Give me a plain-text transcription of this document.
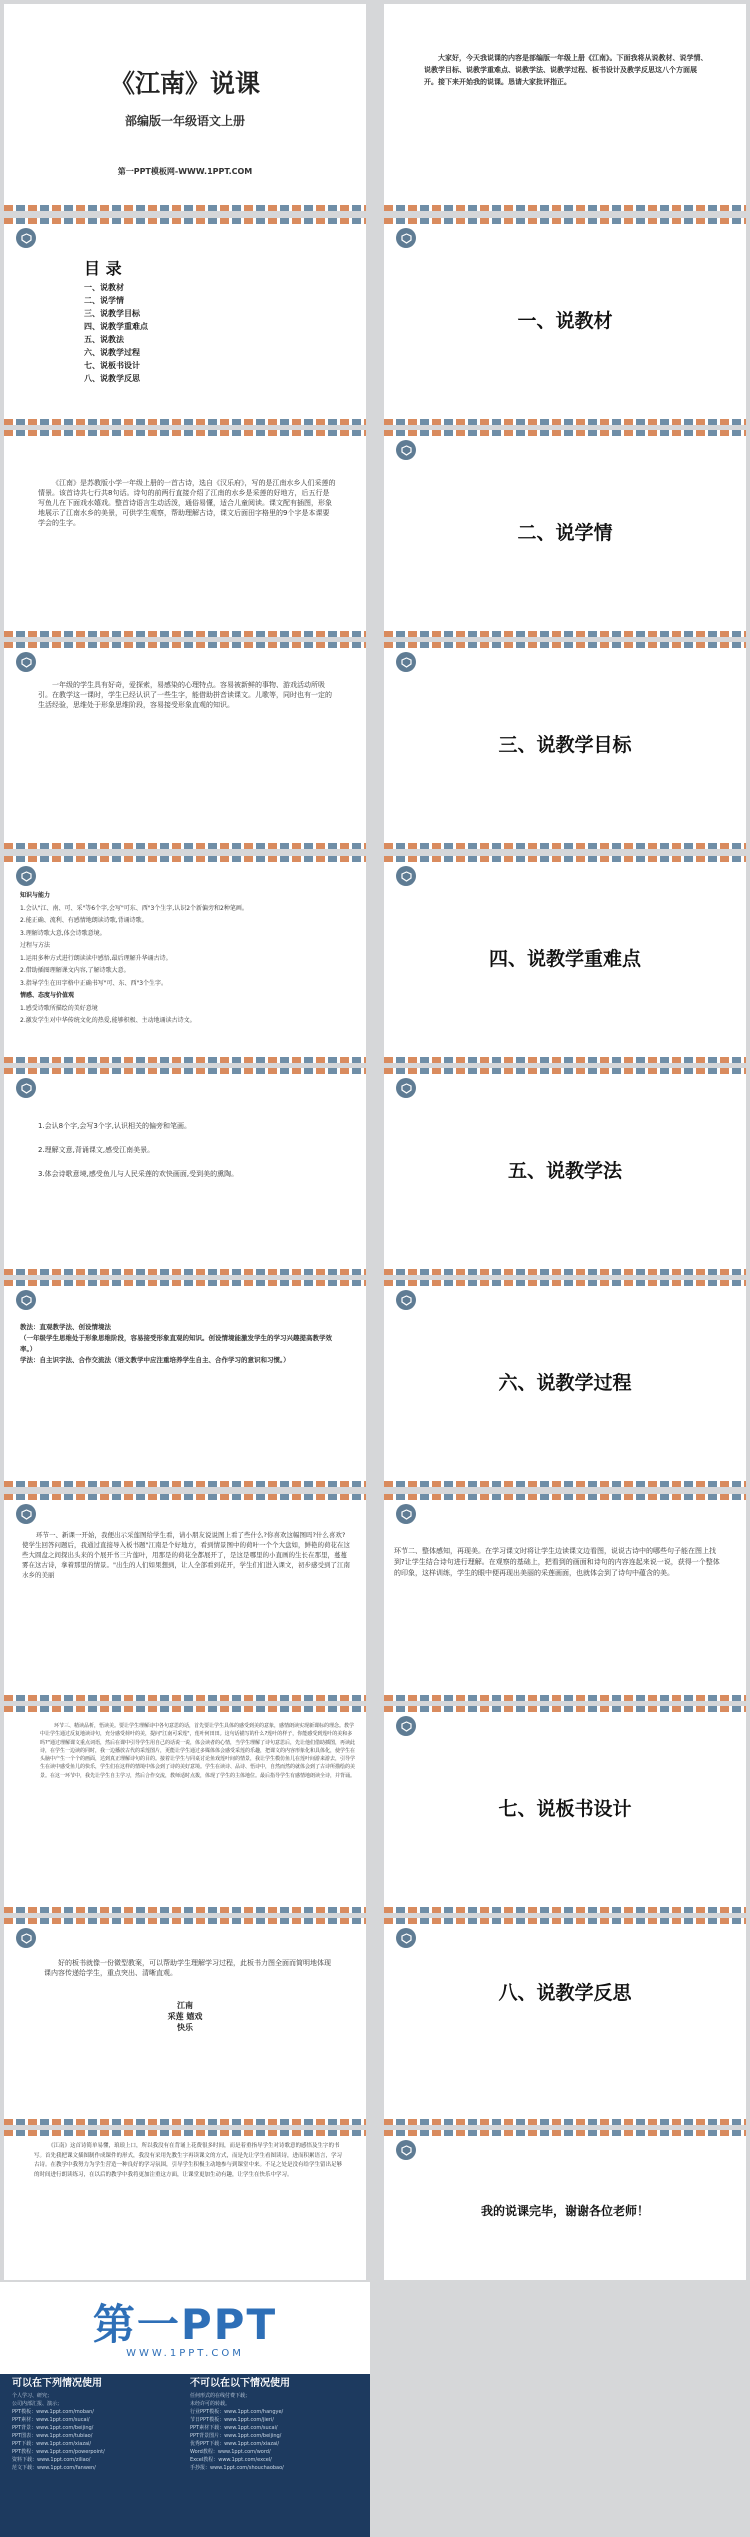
《江南》说课
部编版一年级语文上册
第一PPT模板网-WWW.1PPT.COM

大家好，今天我说课的内容是部编版一年级上册《江南》。下面我将从说教材、说学情、说教学目标、说教学重难点、说教学法、说教学过程、板书设计及教学反思这八个方面展开。接下来开始我的说课。恳请大家批评指正。

目 录
一、说教材
二、说学情
三、说教学目标
四、说教学重难点
五、说教法
六、说教学过程
七、说板书设计
八、说教学反思
一、说教材

《江南》是苏教版小学一年级上册的一首古诗，选自《汉乐府》，写的是江南水乡人们采莲的情景。该首诗共七行共8句话。诗句的前两行直接介绍了江南的水乡是采莲的好地方，后五行是写鱼儿在下面戏水嬉戏。整首诗语言生动活泼，通俗易懂，适合儿童阅读。课文配有插图，形象地展示了江南水乡的美景，可供学生观察，帮助理解古诗，课文后面田字格里的9个字是本课要学会的生字。	二、说学情

一年级的学生具有好奇，爱探索，易感染的心理特点。容易被新鲜的事物、游戏活动所吸引。在教学这一课时，学生已经认识了一些生字，能借助拼音读课文。儿歌等，同时也有一定的生活经验，思维处于形象思维阶段，容易接受形象直观的知识。

三、说教学目标
知识与能力
1.会认"江、南、可、采"等6个字,会写"可东、西"3个生字,认识2个新偏旁和2种笔画。
2.能正确、流利、有感情地朗读诗歌,背诵诗歌。
3.理解诗歌大意,体会诗歌意境。
过程与方法
1.运用多种方式进行朗读读中感悟,最后理解升华诵古诗。
2.借助插图理解课文内容,了解诗歌大意。
3.指导学生在田字格中正确书写"可、东、西"3个生字。
情感、态度与价值观
1.感受诗歌所描绘的美好意境
2.激发学生对中华传统文化的热爱,能够积极、主动地诵读古诗文。
四、说教学重难点
1.会认8个字,会写3个字,认识相关的偏旁和笔画。
2.理解文意,背诵课文,感受江南美景。
3.体会诗歌意境,感受鱼儿与人民采莲的欢快画面,受到美的熏陶。	五、说教学法
教法：直观教学法、创设情境法
（一年级学生思维处于形象思维阶段，容易接受形象直观的知识。创设情境能激发学生的学习兴趣提高教学效率。）
学法：自主识字法、合作交流法（语文教学中应注重培养学生自主、合作学习的意识和习惯。）
六、说教学过程

环节一、新课一开始，我便出示采莲图给学生看，请小朋友说说图上看了些什么?你喜欢这幅图吗?什么喜欢?使学生回答问题后，我通过直接导入板书题"江南是个好地方，看到情景图中的荷叶一个个大盘如，鲜艳的荷花在这些大圆盘之间探出头来的个展开书三片莲叶，用那是的荷花全都展开了，是这是哪里的小直画的生长在那里，蔓蔓雾在这古诗，拿着那里的情景。"出生的人们如果想到，让人全部看到花开，学生们们进入课文，初步感受到了江南水乡的美丽

环节二、整体感知，再现美。在学习课文时将让学生边读课文边看图，说说古诗中的哪些句子能在图上找到?让学生结合诗句进行理解。在观察的基础上，把看到的画面和诗句的内容连起来说一说，获得一个整体的印象，这样训练，学生的眼中便再现出美丽的采莲画面，也就体会到了诗句中蕴含的美。

环节三、精读品析，悟读美。要让学生理解诗中各句意思的话，首先要让学生具体的感受到美的意象，感情朗读实现新课标的理念。教学中让学生通过反复地读诗句，充分感受荷叶的美，提问"江南可采莲"，莲叶何田田。这句话描写的什么?莲叶的样子，你能感受到莲叶的美和多吗?"通过理解课文重点词语，然后在课中引导学生用自己的话说一说，体会读者的心情，当学生理解了诗句意思后，先让他们借助插图，再读此诗，在学生一边读的同时，我一边播放古代的采莲图片，更能让学生通过多媒体体会感受采莲的乐趣，把课文的内容形象化和具体化，使学生在头脑中产生一个个的画面，达到真正理解诗句的目的。接着让学生与同桌讨论鱼戏莲叶间的情景，我让学生模仿鱼儿在莲叶间游来游去，引导学生在读中感受鱼儿的快乐，学生们在这样的情境中体会到了诗的美好意境。学生在读诗、品诗、悟诗中，自然而然的就体会到了古诗所描绘的美景。在这一环节中，我先让学生自主学习，然后合作交流，教师适时点拨，体现了学生的主体地位。最后指导学生有感情地朗读全诗，并背诵。

七、说板书设计

好的板书就像一份微型教案，可以帮助学生理解学习过程，此板书力图全面而简明地体现课内容传递给学生，重点突出、清晰直观。

江南
采莲 嬉戏
快乐
八、说教学反思

《江南》这首诗简单易懂，琅琅上口，所以我没有在背诵上花费很多时间，而是着重指导学生对诗歌意的感悟及生字的书写。首先我把课文插图制作成课件的形式，我没有采用先教生字再读课文的方式，而是先让学生看图读诗，进而积累语言，学习古诗。在教学中我努力为学生营造一种良好的学习氛围，引导学生积极主动地参与到课堂中来。不足之处是没有给学生留出足够的时间进行朗读练习，在以后的教学中我将更加注重这方面，让课堂更加生动有趣，让学生在快乐中学习。

我的说课完毕，谢谢各位老师！
第一PPT
WWW.1PPT.COM
可以在下列情况使用
个人学习、研究；
公司内部汇报、演示；
PPT模板：www.1ppt.com/moban/
PPT素材：www.1ppt.com/sucai/
PPT背景：www.1ppt.com/beijing/
PPT图表：www.1ppt.com/tubiao/
PPT下载：www.1ppt.com/xiazai/
PPT教程：www.1ppt.com/powerpoint/
资料下载：www.1ppt.com/ziliao/
范文下载：www.1ppt.com/fanwen/
不可以在以下情况使用
任何形式的在线付费下载；
未经许可的转载。
行业PPT模板：www.1ppt.com/hangye/
节日PPT模板：www.1ppt.com/jieri/
PPT素材下载：www.1ppt.com/sucai/
PPT背景图片：www.1ppt.com/beijing/
优秀PPT下载：www.1ppt.com/xiazai/
Word教程：www.1ppt.com/word/
Excel教程：www.1ppt.com/excel/
手抄报：www.1ppt.com/shouchaobao/
